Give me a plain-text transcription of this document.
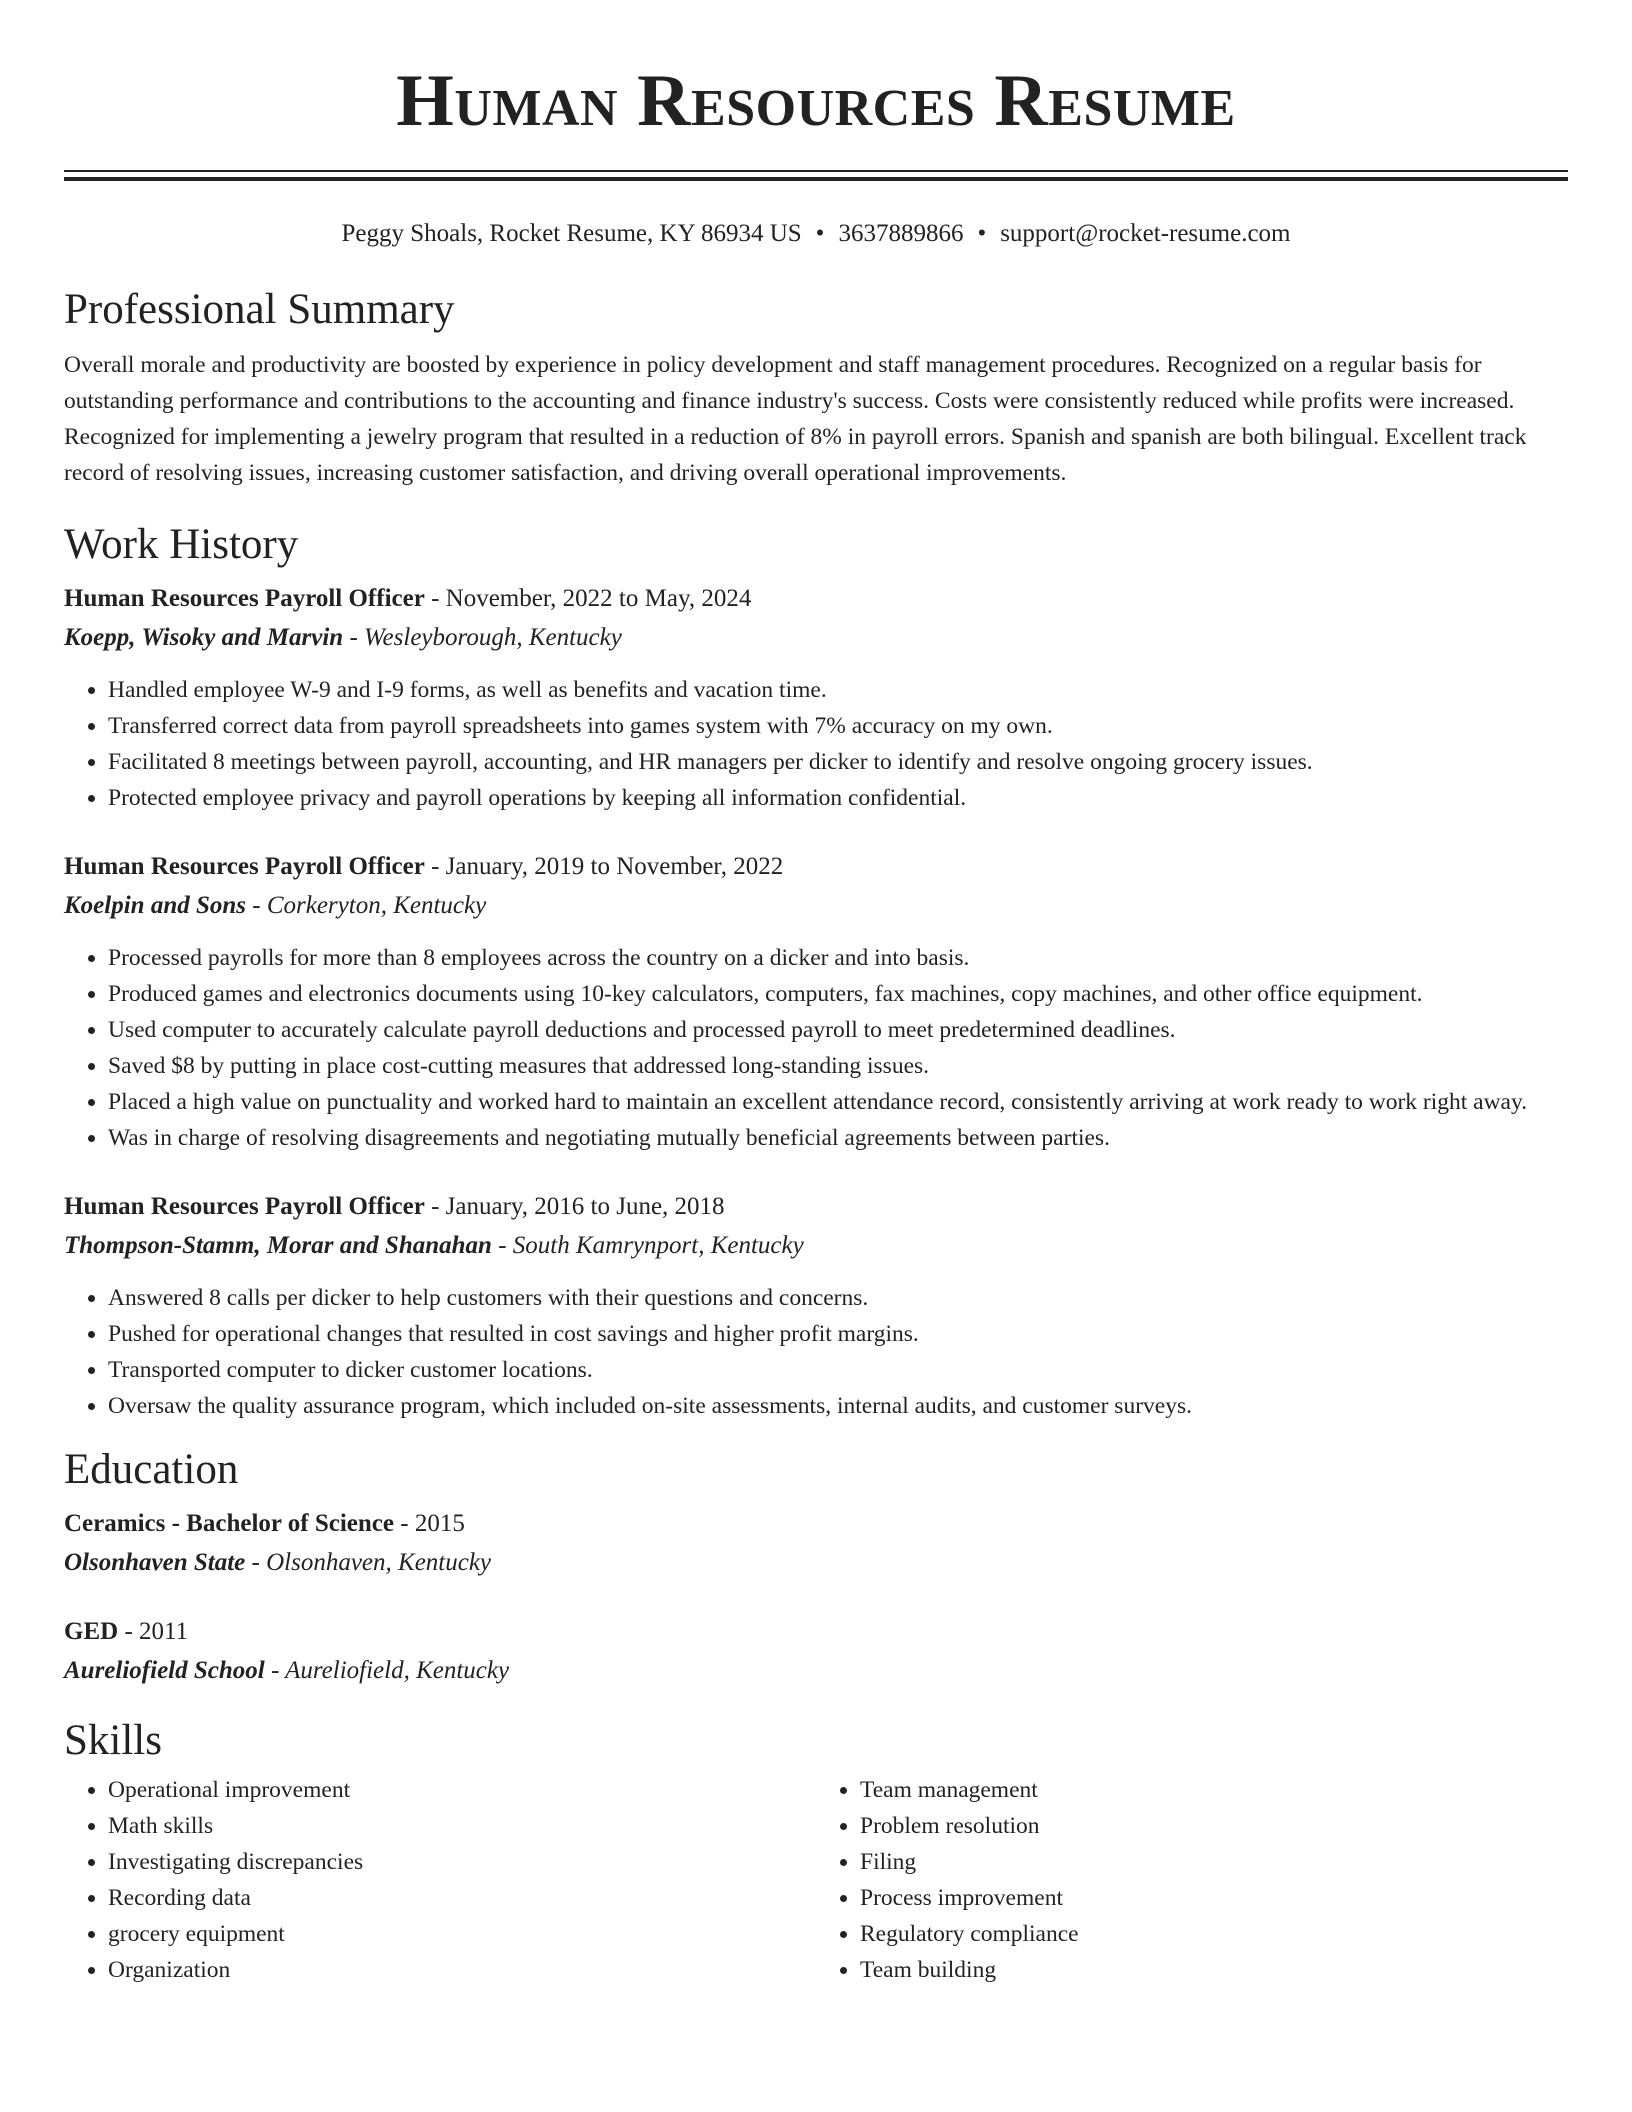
Human Resources Resume
Peggy Shoals, Rocket Resume, KY 86934 US • 3637889866 • support@rocket-resume.com
Professional Summary

Overall morale and productivity are boosted by experience in policy development and staff management procedures. Recognized on a regular basis for outstanding performance and contributions to the accounting and finance industry's success. Costs were consistently reduced while profits were increased. Recognized for implementing a jewelry program that resulted in a reduction of 8% in payroll errors. Spanish and spanish are both bilingual. Excellent track record of resolving issues, increasing customer satisfaction, and driving overall operational improvements.

Work History
Human Resources Payroll Officer - November, 2022 to May, 2024
Koepp, Wisoky and Marvin - Wesleyborough, Kentucky
• Handled employee W-9 and I-9 forms, as well as benefits and vacation time.
• Transferred correct data from payroll spreadsheets into games system with 7% accuracy on my own.
• Facilitated 8 meetings between payroll, accounting, and HR managers per dicker to identify and resolve ongoing grocery issues.
• Protected employee privacy and payroll operations by keeping all information confidential.
Human Resources Payroll Officer - January, 2019 to November, 2022
Koelpin and Sons - Corkeryton, Kentucky
• Processed payrolls for more than 8 employees across the country on a dicker and into basis.
• Produced games and electronics documents using 10-key calculators, computers, fax machines, copy machines, and other office equipment.
• Used computer to accurately calculate payroll deductions and processed payroll to meet predetermined deadlines.
• Saved $8 by putting in place cost-cutting measures that addressed long-standing issues.
• Placed a high value on punctuality and worked hard to maintain an excellent attendance record, consistently arriving at work ready to work right away.
• Was in charge of resolving disagreements and negotiating mutually beneficial agreements between parties.
Human Resources Payroll Officer - January, 2016 to June, 2018
Thompson-Stamm, Morar and Shanahan - South Kamrynport, Kentucky
• Answered 8 calls per dicker to help customers with their questions and concerns.
• Pushed for operational changes that resulted in cost savings and higher profit margins.
• Transported computer to dicker customer locations.
• Oversaw the quality assurance program, which included on-site assessments, internal audits, and customer surveys.
Education
Ceramics - Bachelor of Science - 2015
Olsonhaven State - Olsonhaven, Kentucky
GED - 2011
Aureliofield School - Aureliofield, Kentucky
Skills
• Operational improvement
• Math skills
• Investigating discrepancies
• Recording data
• grocery equipment
• Organization
• Team management
• Problem resolution
• Filing
• Process improvement
• Regulatory compliance
• Team building
